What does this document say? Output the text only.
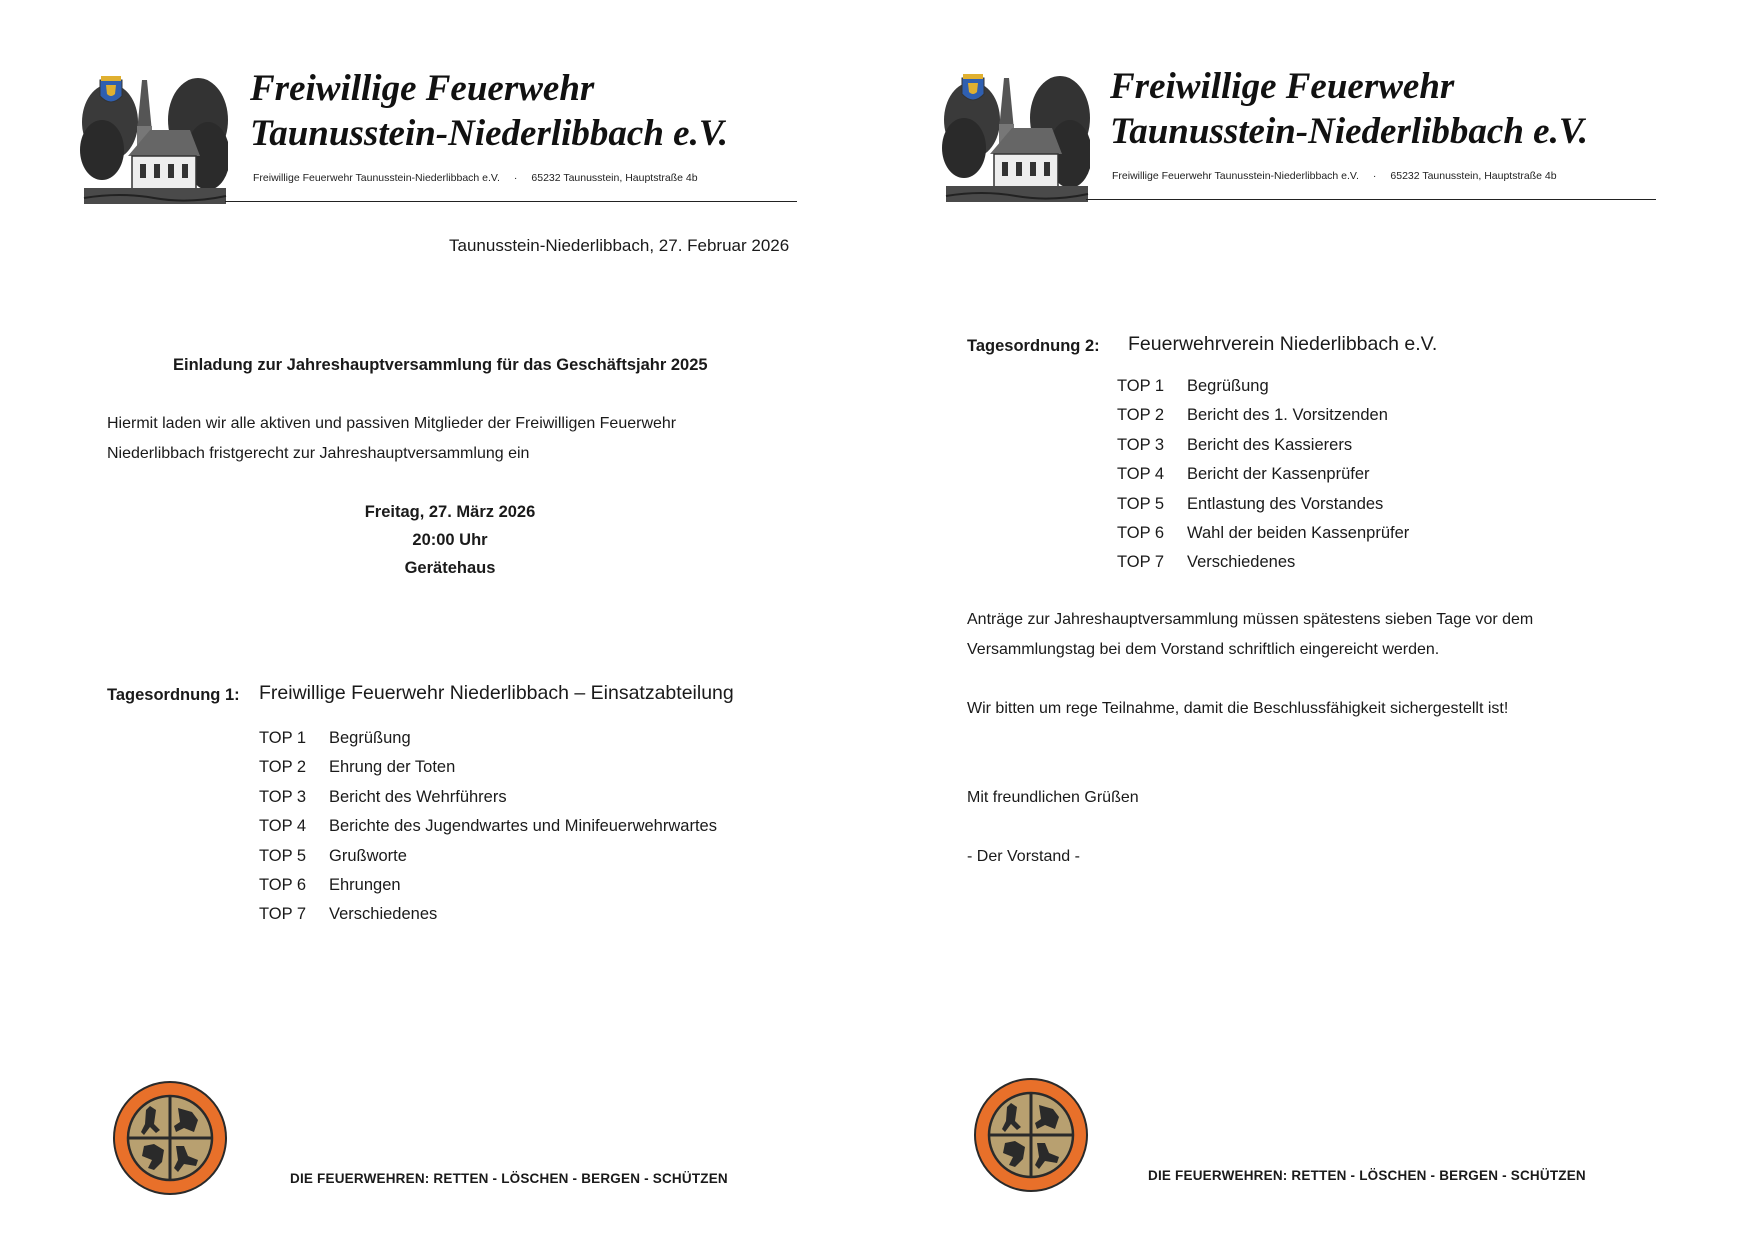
Freiwillige Feuerwehr
Taunusstein-Niederlibbach e.V.
Freiwillige Feuerwehr Taunusstein-Niederlibbach e.V. · 65232 Taunusstein, Hauptstraße 4b
Taunusstein-Niederlibbach, 27. Februar 2026
Einladung zur Jahreshauptversammlung für das Geschäftsjahr 2025
Hiermit laden wir alle aktiven und passiven Mitglieder der Freiwilligen Feuerwehr
Niederlibbach fristgerecht zur Jahreshauptversammlung ein
Freitag, 27. März 2026
20:00 Uhr
Gerätehaus
Tagesordnung 1: Freiwillige Feuerwehr Niederlibbach – Einsatzabteilung
TOP 1	Begrüßung
TOP 2	Ehrung der Toten
TOP 3	Bericht des Wehrführers
TOP 4	Berichte des Jugendwartes und Minifeuerwehrwartes
TOP 5	Grußworte
TOP 6	Ehrungen
TOP 7	Verschiedenes
DIE FEUERWEHREN: RETTEN - LÖSCHEN - BERGEN - SCHÜTZEN
Freiwillige Feuerwehr
Taunusstein-Niederlibbach e.V.
Freiwillige Feuerwehr Taunusstein-Niederlibbach e.V. · 65232 Taunusstein, Hauptstraße 4b
Tagesordnung 2: Feuerwehrverein Niederlibbach e.V.
TOP 1	Begrüßung
TOP 2	Bericht des 1. Vorsitzenden
TOP 3	Bericht des Kassierers
TOP 4	Bericht der Kassenprüfer
TOP 5	Entlastung des Vorstandes
TOP 6	Wahl der beiden Kassenprüfer
TOP 7	Verschiedenes
Anträge zur Jahreshauptversammlung müssen spätestens sieben Tage vor dem
Versammlungstag bei dem Vorstand schriftlich eingereicht werden.
Wir bitten um rege Teilnahme, damit die Beschlussfähigkeit sichergestellt ist!
Mit freundlichen Grüßen
- Der Vorstand -
DIE FEUERWEHREN: RETTEN - LÖSCHEN - BERGEN - SCHÜTZEN
